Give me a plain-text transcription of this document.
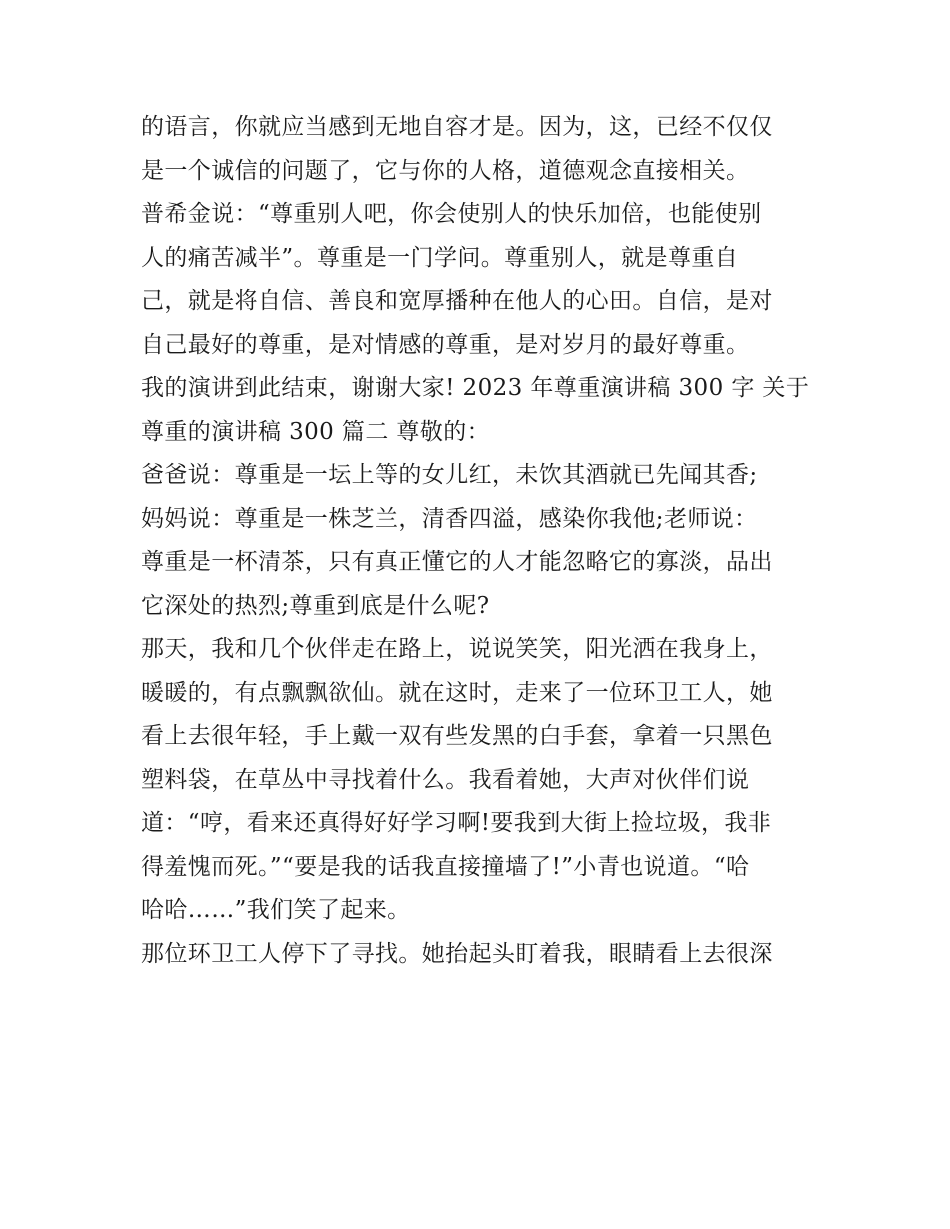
的语言，你就应当感到无地自容才是。因为，这，已经不仅仅
是一个诚信的问题了，它与你的人格，道德观念直接相关。
普希金说：“尊重别人吧，你会使别人的快乐加倍，也能使别
人的痛苦减半”。尊重是一门学问。尊重别人，就是尊重自
己，就是将自信、善良和宽厚播种在他人的心田。自信，是对
自己最好的尊重，是对情感的尊重，是对岁月的最好尊重。
我的演讲到此结束，谢谢大家! 2023 年尊重演讲稿 300 字 关于
尊重的演讲稿 300 篇二 尊敬的：
爸爸说：尊重是一坛上等的女儿红，未饮其酒就已先闻其香;
妈妈说：尊重是一株芝兰，清香四溢，感染你我他;老师说：
尊重是一杯清茶，只有真正懂它的人才能忽略它的寡淡，品出
它深处的热烈;尊重到底是什么呢?
那天，我和几个伙伴走在路上，说说笑笑，阳光洒在我身上，
暖暖的，有点飘飘欲仙。就在这时，走来了一位环卫工人，她
看上去很年轻，手上戴一双有些发黑的白手套，拿着一只黑色
塑料袋，在草丛中寻找着什么。我看着她，大声对伙伴们说
道：“哼，看来还真得好好学习啊!要我到大街上捡垃圾，我非
得羞愧而死。”“要是我的话我直接撞墙了!”小青也说道。“哈
哈哈……”我们笑了起来。
那位环卫工人停下了寻找。她抬起头盯着我，眼睛看上去很深
